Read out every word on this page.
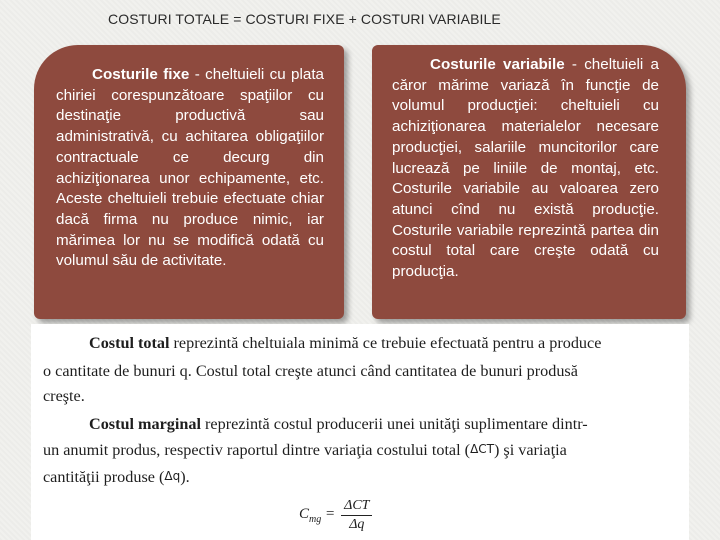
COSTURI TOTALE = COSTURI FIXE + COSTURI VARIABILE
Costurile fixe - cheltuieli cu plata chiriei corespunzătoare spaţiilor cu destinaţie productivă sau administrativă, cu achitarea obligaţiilor contractuale ce decurg din achiziţionarea unor echipamente, etc. Aceste cheltuieli trebuie efectuate chiar dacă firma nu produce nimic, iar mărimea lor nu se modifică odată cu volumul său de activitate.
Costurile variabile - cheltuieli a căror mărime variază în funcţie de volumul producţiei: cheltuieli cu achiziţionarea materialelor necesare producţiei, salariile muncitorilor care lucrează pe liniile de montaj, etc. Costurile variabile au valoarea zero atunci cînd nu există producţie. Costurile variabile reprezintă partea din costul total care creşte odată cu producţia.
Costul total reprezintă cheltuiala minimă ce trebuie efectuată pentru a produce
o cantitate de bunuri q. Costul total creşte atunci când cantitatea de bunuri produsă
creşte.
Costul marginal reprezintă costul producerii unei unităţi suplimentare dintr-
un anumit produs, respectiv raportul dintre variaţia costului total (ΔCT) şi variaţia
cantităţii produse (Δq).
$C_{mg} = \frac{\text{ΔCT}}{\Delta q}$
